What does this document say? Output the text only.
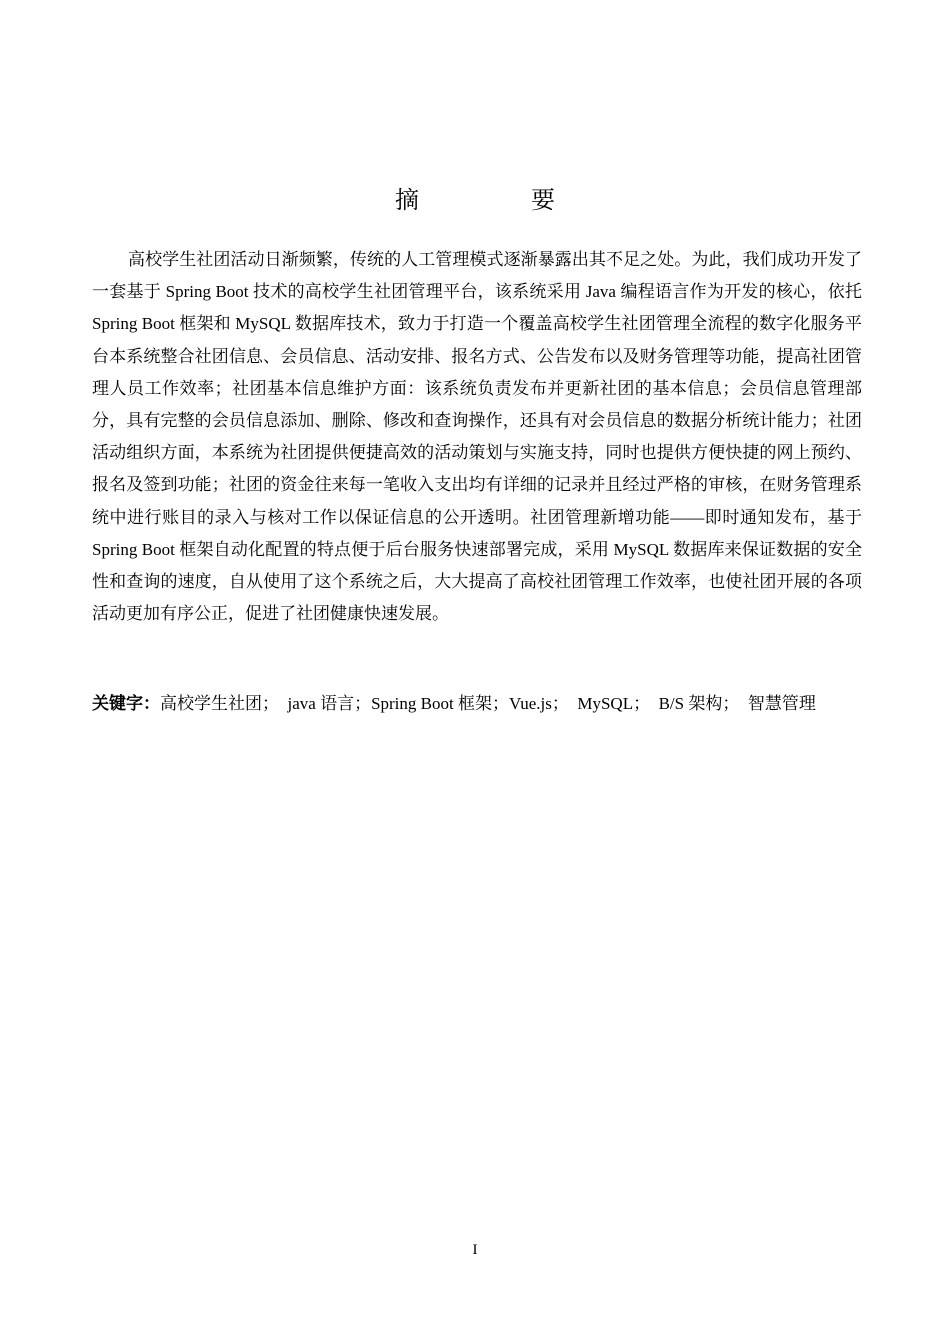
摘　要

高校学生社团活动日渐频繁，传统的人工管理模式逐渐暴露出其不足之处。为此，我们成功开发了一套基于 Spring Boot 技术的高校学生社团管理平台，该系统采用 Java 编程语言作为开发的核心，依托 Spring Boot 框架和 MySQL 数据库技术，致力于打造一个覆盖高校学生社团管理全流程的数字化服务平台本系统整合社团信息、会员信息、活动安排、报名方式、公告发布以及财务管理等功能，提高社团管理人员工作效率；社团基本信息维护方面：该系统负责发布并更新社团的基本信息；会员信息管理部分，具有完整的会员信息添加、删除、修改和查询操作，还具有对会员信息的数据分析统计能力；社团活动组织方面，本系统为社团提供便捷高效的活动策划与实施支持，同时也提供方便快捷的网上预约、报名及签到功能；社团的资金往来每一笔收入支出均有详细的记录并且经过严格的审核，在财务管理系统中进行账目的录入与核对工作以保证信息的公开透明。社团管理新增功能——即时通知发布，基于 Spring Boot 框架自动化配置的特点便于后台服务快速部署完成，采用 MySQL 数据库来保证数据的安全性和查询的速度，自从使用了这个系统之后，大大提高了高校社团管理工作效率，也使社团开展的各项活动更加有序公正，促进了社团健康快速发展。

关键字：高校学生社团；　java 语言；Spring Boot 框架；Vue.js；　MySQL；　B/S 架构；　智慧管理

I
